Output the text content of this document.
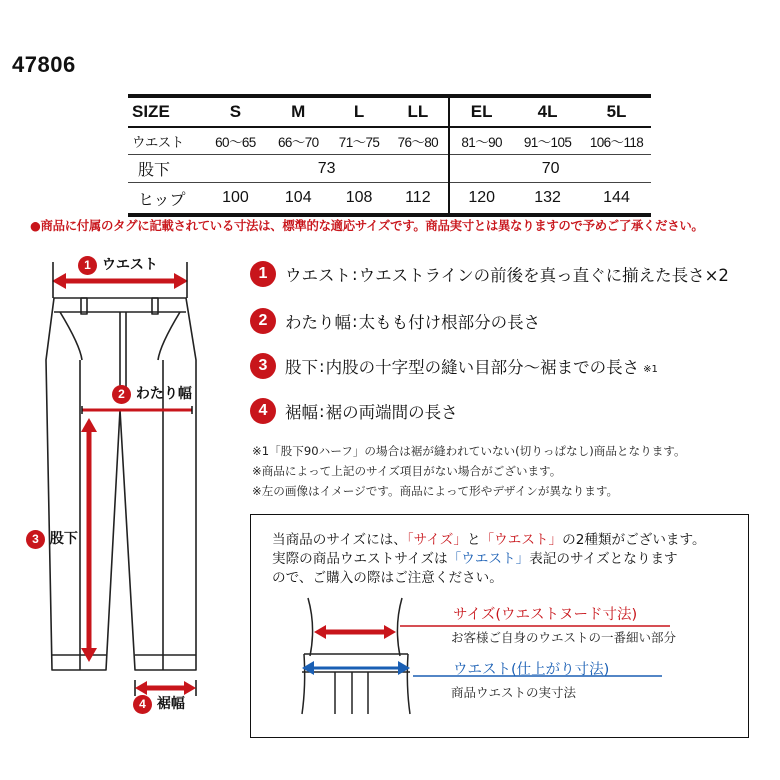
47806
SIZE	S	M	L	LL	EL	4L	5L
ウエスト	60～65	66～70	71～75	76～80	81～90	91～105	106～118
股下	73				70		
ヒップ	100	104	108	112	120	132	144
●商品に付属のタグに記載されている寸法は、標準的な適応サイズです。商品実寸とは異なりますので予めご了承ください。
1 ウエスト
2 わたり幅
3 股下
4 裾幅
1	ウエスト : ウエストラインの前後を真っ直ぐに揃えた長さ×2
2	わたり幅 : 太もも付け根部分の長さ
3	股下 : 内股の十字型の縫い目部分～裾までの長さ ※1
4	裾幅 : 裾の両端間の長さ
※1「股下90ハーフ」の場合は裾が縫われていない(切りっぱなし)商品となります。
※商品によって上記のサイズ項目がない場合がございます。
※左の画像はイメージです。商品によって形やデザインが異なります。
当商品のサイズには、「サイズ」と「ウエスト」の2種類がございます。
実際の商品ウエストサイズは「ウエスト」表記のサイズとなります
ので、ご購入の際はご注意ください。
サイズ(ウエストヌード寸法)
お客様ご自身のウエストの一番細い部分
ウエスト(仕上がり寸法)
商品ウエストの実寸法
